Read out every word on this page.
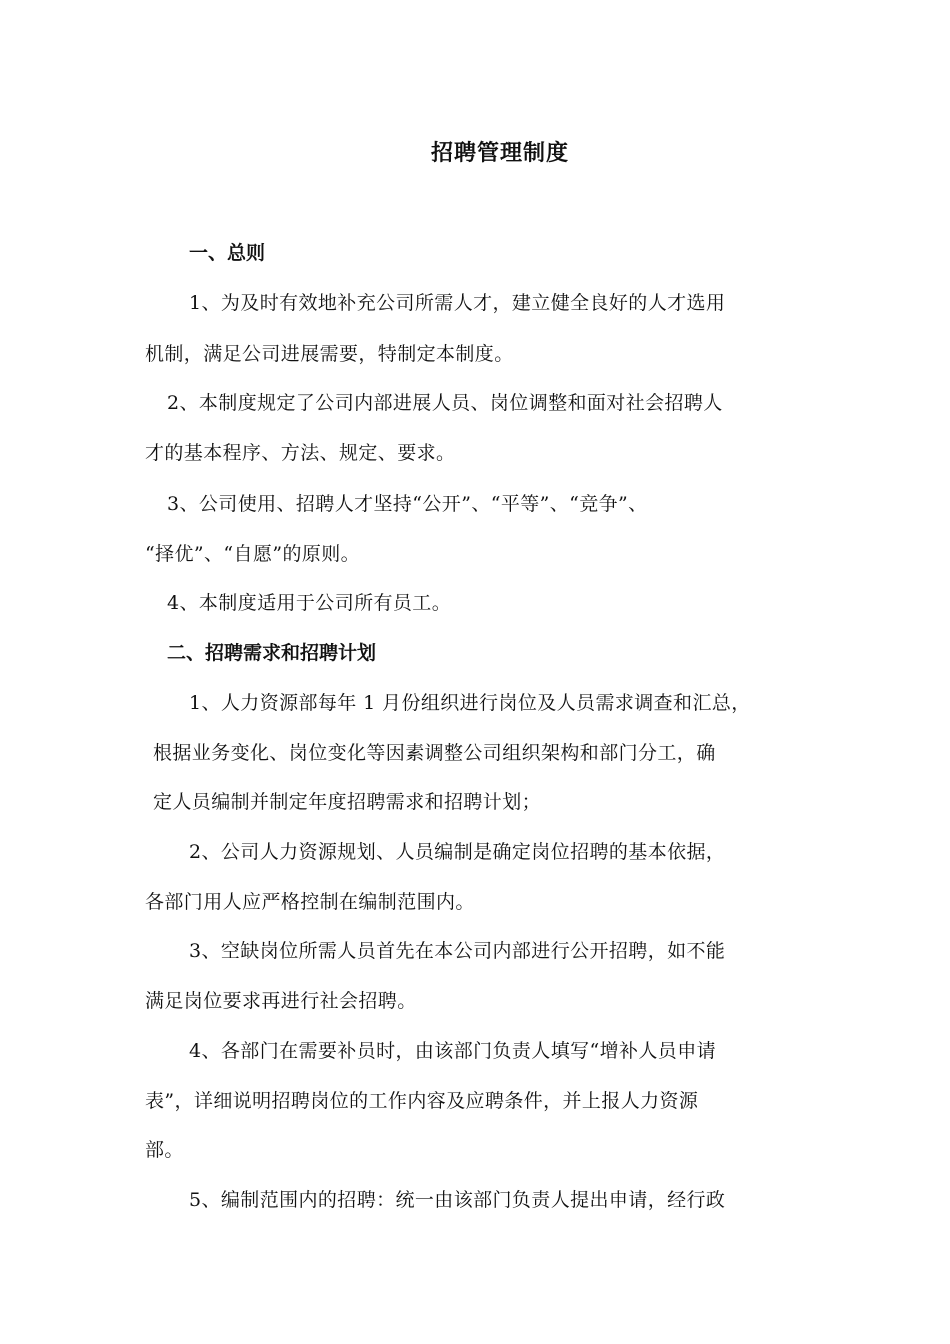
招聘管理制度
一、总则
1、为及时有效地补充公司所需人才，建立健全良好的人才选用
机制，满足公司进展需要，特制定本制度。
2、本制度规定了公司内部进展人员、岗位调整和面对社会招聘人
才的基本程序、方法、规定、要求。
3、公司使用、招聘人才坚持“公开”、“平等”、“竞争”、
“择优”、“自愿”的原则。
4、本制度适用于公司所有员工。
二、招聘需求和招聘计划
1、人力资源部每年 1 月份组织进行岗位及人员需求调查和汇总，
根据业务变化、岗位变化等因素调整公司组织架构和部门分工，确
定人员编制并制定年度招聘需求和招聘计划；
2、公司人力资源规划、人员编制是确定岗位招聘的基本依据，
各部门用人应严格控制在编制范围内。
3、空缺岗位所需人员首先在本公司内部进行公开招聘，如不能
满足岗位要求再进行社会招聘。
4、各部门在需要补员时，由该部门负责人填写“增补人员申请
表”，详细说明招聘岗位的工作内容及应聘条件，并上报人力资源
部。
5、编制范围内的招聘：统一由该部门负责人提出申请，经行政
